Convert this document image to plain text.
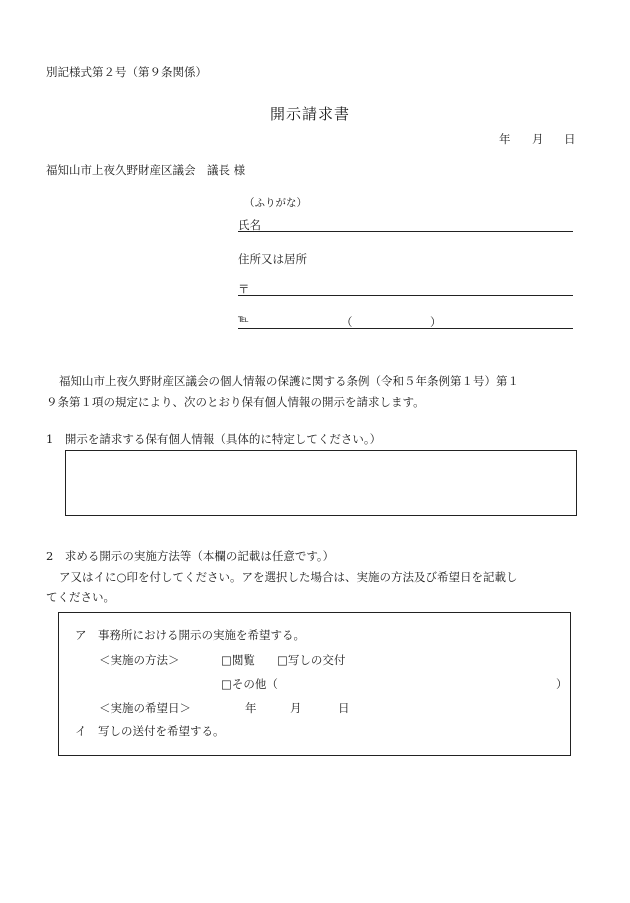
別記様式第２号（第９条関係）
開示請求書
年 月 日
福知山市上夜久野財産区議会　議長 様
（ふりがな）
氏名
住所又は居所
〒
℡	（	）
福知山市上夜久野財産区議会の個人情報の保護に関する条例（令和５年条例第１号）第１
９条第１項の規定により、次のとおり保有個人情報の開示を請求します。
1　開示を請求する保有個人情報（具体的に特定してください。）
2　求める開示の実施方法等（本欄の記載は任意です。）
ア又はイに○印を付してください。アを選択した場合は、実施の方法及び希望日を記載し
てください。
ア　事務所における開示の実施を希望する。
＜実施の方法＞	□閲覧 □写しの交付
□その他（	）
＜実施の希望日＞	年	月	日
イ　写しの送付を希望する。
